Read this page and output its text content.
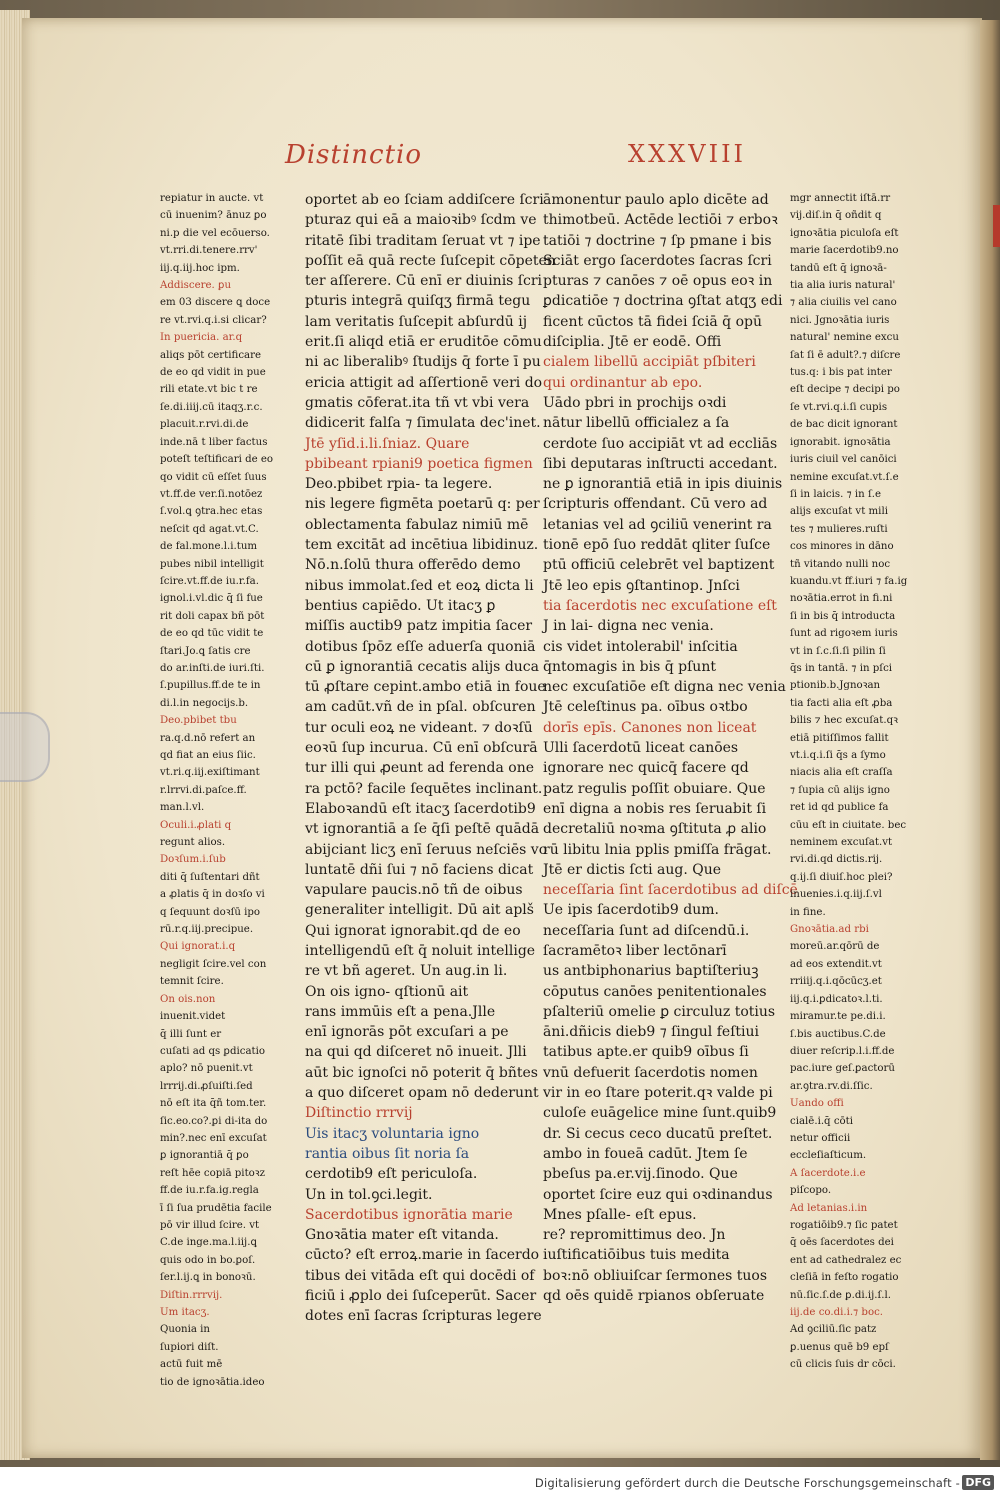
Distinctio	XXXVIII
repiatur in aucte. vt
cū inuenim? ānuz ꝑo
ni.p die vel ecōuerso.
vt.rri.di.tenere.rrv'
iij.q.iij.hoc ipm.
Addiscere. ꝑu
em 03 discere ꝗ doce
re vt.rvi.q.i.si clicar?
In puericia. ar.q
aliqs pōt certificare
de eo qd vidit in pue
rili etate.vt bic t re
ſe.di.iiij.cū itaqʒ.r.c.
placuit.r.rvi.di.de
inde.nā t liber factus
poteſt teſtificari de eo
qo vidit cū eſſet ſuus
vt.ff.de ver.ſi.notōez
ſ.vol.ꝗ ꝯtra.hec etas
neſcit qd agat.vt.C.
de fal.mone.l.i.tum
pubes nibil intelligit
ſcire.vt.ff.de iu.r.fa.
ignol.i.vl.dic q̄ ſi fue
rit doli capax bñ pōt
de eo qd tūc vidit te
ſtari.Jo.ꝗ ſatis cre
do ar.inſti.de iuri.ſti.
ſ.pupillus.ff.de te in
di.l.in negocijs.b.
Deo.pbibet tbu
ra.q.d.nō refert an
qd fiat an eius ſiic.
vt.ri.q.iij.exiſtimant
r.lrrvi.di.paſce.ff.
man.l.vl.
Oculi.i.ꝓlati q
regunt alios.
Doꝛſum.i.ſub
diti q̄ ſuſtentari dñt
a ꝓlatis q̄ in doꝛſo vi
q ſequunt doꝛſū ipo
rū.r.q.iij.precipue.
Qui ignorat.i.q
negligit ſcire.vel con
temnit ſcire.
On ois.non
inuenit.videt
q̄ illi ſunt er
cuſati ad qs ꝑdicatio
aplo? nō puenit.vt
lrrrij.di.ꝓſuiſti.ſed
nō eſt ita q̄ñ tom.ter.
ſic.eo.co?.ꝑi di-ita do
min?.nec enī excuſat
ꝑ ignorantiā q̄ ꝑo
reſt hēe copiā pitoꝛz
ff.de iu.r.fa.ig.regla
ī ſi ſua prudētia facile
pō vir illud ſcire. vt
C.de inge.ma.l.iij.ꝗ
quis odo in bo.ꝑoſ.
ſer.l.ij.ꝗ in bonoꝛū.
Diſtin.rrrvij.
Um itacʒ.
Quonia in
ſupiori diſt.
actū fuit mē
tio de ignoꝛātia.ideo
oportet ab eo ſciam addiſcere ſcri
pturaz qui eā a maioꝛibꝰ ſcdm ve
ritatē ſibi traditam ſeruat vt ⁊ ipe
poſſit eā quā recte ſuſcepit cōpeten
ter aſſerere. Cū enī er diuinis ſcri
pturis integrā quiſqʒ firmā tegu
lam veritatis ſuſcepit abſurdū ij
erit.ſi aliqd etiā er eruditōe cōmu
ni ac liberalibꝰ ſtudijs q̄ forte ī pu
ericia attigit ad aſſertionē veri do
gmatis cōferat.ita tñ vt vbi vera
didicerit falſa ⁊ ſimulata dec'inet.
Jtē yſid.i.li.ſniaz. Quare
pbibeant rpiani9 poetica figmen
Deo.pbibet rpia- ta legere.
nis legere figmēta poetarū q: per
oblectamenta fabulaz nimiū mē
tem excitāt ad incētiua libidinuz.
Nō.n.ſolū thura offerēdo demo
nibus immolat.ſed et eoꝝ dicta li
bentius capiēdo. Ut itacʒ ꝑ
miſſis auctib9 patz impitia ſacer
dotibus ſpōz eſſe aduerſa quoniā
cū ꝑ ignorantiā cecatis alijs duca
tū ꝓſtare cepint.ambo etiā in foue
am cadūt.vñ de in pſal. obſcuren
tur oculi eoꝝ ne videant. ⁊ doꝛſū
eoꝛū ſup incurua. Cū enī obſcurā
tur illi qui ꝓeunt ad ferenda one
ra pctō? facile ſequētes inclinant.
Elaboꝛandū eſt itacʒ ſacerdotib9
vt ignorantiā a ſe q̄ſi peſtē quādā
abijciant licʒ enī ſeruus neſciēs vo
luntatē dñi ſui ⁊ nō faciens dicat
vapulare paucis.nō tñ de oibus
generaliter intelligit. Dū ait aplš
Qui ignorat ignorabit.qd de eo
intelligendū eſt q̄ noluit intellige
re vt bñ ageret. Un aug.in li.
On ois igno- qſtionū ait
rans immūis eſt a pena.Jlle
enī ignorās pōt excuſari a pe
na qui qd diſceret nō inueit. Jlli
aūt bic ignoſci nō poterit q̄ bñtes
a quo diſceret opam nō dederunt
Diſtinctio rrrvij
Uis itacʒ voluntaria igno
rantia oibus ſit noria ſa
cerdotib9 eſt periculoſa.
Un in tol.ꝯci.legit.
Sacerdotibus ignorātia marie
Gnoꝛātia mater eſt vitanda.
cūcto? eſt erroꝝ.marie in ſacerdo
tibus dei vitāda eſt qui docēdi of
ficiū i ꝓplo dei ſuſceperūt. Sacer
dotes enī ſacras ſcripturas legere
āmonentur paulo aplo dicēte ad
thimotbeū. Actēde lectiōi ⁊ erboꝛ
tatiōi ⁊ doctrine ⁊ ſp pmane i bis
Sciāt ergo ſacerdotes ſacras ſcri
pturas ⁊ canōes ⁊ oē opus eoꝛ in
ꝑdicatiōe ⁊ doctrina ꝯſtat atqʒ edi
ficent cūctos tā fidei ſciā q̄ opū
diſciplia. Jtē er eodē. Offi
cialem libellū accipiāt pſbiteri
qui ordinantur ab epo.
Uādo pbri in prochijs oꝛdi
nātur libellū officialez a ſa
cerdote ſuo accipiāt vt ad eccliās
ſibi deputaras inſtructi accedant.
ne ꝑ ignorantiā etiā in ipis diuinis
ſcripturis offendant. Cū vero ad
letanias vel ad ꝯciliū venerint ra
tionē epō ſuo reddāt qliter ſuſce
ptū officiū celebrēt vel baptizent
Jtē leo epis ꝯſtantinop. Jnſci
tia ſacerdotis nec excuſatione eſt
J in lai- digna nec venia.
cis videt intolerabil' inſcitia
q̄ntomagis in bis q̄ pſunt
nec excuſatiōe eſt digna nec venia
Jtē celeſtinus pa. oībus oꝛtbo
dorīs epīs. Canones non liceat
Ulli ſacerdotū liceat canōes
ignorare nec quicq̄ facere qd
patz regulis poſſit obuiare. Que
enī digna a nobis res ſeruabit ſi
decretaliū noꝛma ꝯſtituta ꝓ alio
rū libitu lnia pplis pmiſſa frāgat.
Jtē er dictis ſcti aug. Que
neceſſaria ſint ſacerdotibus ad diſcē
Ue ipis ſacerdotib9 dum.
neceſſaria ſunt ad diſcendū.i.
ſacramētoꝛ liber lectōnarī
us antbiphonarius baptiſteriuꝫ
cōputus canōes penitentionales
pſalteriū omelie ꝑ circuluz totius
āni.dñicis dieb9 ⁊ ſingul feſtiui
tatibus apte.er quib9 oībus ſi
vnū defuerit ſacerdotis nomen
vir in eo ſtare poterit.qꝛ valde pi
culoſe euāgelice mine ſunt.quib9
dr. Si cecus ceco ducatū preſtet.
ambo in foueā cadūt. Jtem ſe
pbeſus pa.er.vij.ſinodo. Que
oportet ſcire euz qui oꝛdinandus
Mnes pſalle- eſt epus.
re? repromittimus deo. Jn
iuſtificatiōibus tuis medita
boꝛ:nō obliuiſcar ſermones tuos
qd oēs quidē rpianos obſeruate
mgr annectit iſtā.rr
vij.diſ.in q̄ oñdit q
ignoꝛātia piculoſa eſt
marie ſacerdotib9.no
tandū eſt q̄ ignoꝛā-
tia alia iuris natural'
⁊ alia ciuilis vel cano
nici. Jgnoꝛātia iuris
natural' nemine excu
ſat ſi ē adult?.⁊ diſcre
tus.q: i bis pat inter
eſt decipe ⁊ decipi po
ſe vt.rvi.q.i.ſi cupis
de bac dicit ignorant
ignorabit. ignoꝛātia
iuris ciuil vel canōici
nemine excuſat.vt.ſ.e
ſi in laicis. ⁊ in ſ.e
alijs excuſat vt mili
tes ⁊ mulieres.ruſti
cos minores in dāno
tñ vitando nulli noc
kuandu.vt ff.iuri ⁊ fa.ig
noꝛātia.errot in fi.ni
ſi in bis q̄ introducta
ſunt ad rigoꝛem iuris
vt in ſ.c.ſi.ſi pilin ſi
q̄s in tantā. ⁊ in pſci
ptionib.b.Jgnoꝛan
tia facti alia eſt ꝓba
bilis ⁊ hec excuſat.qꝛ
etiā pitiſſimos fallit
vt.i.q.i.ſi q̄s a ſymo
niacis alia eſt craſſa
⁊ ſupia cū alijs igno
ret id qd publice fa
cūu eſt in ciuitate. bec
neminem excuſat.vt
rvi.di.qd dictis.rij.
q.ij.ſi diuiſ.hoc plei?
inuenies.i.q.iij.ſ.vl
in fine.
Gnoꝛātia.ad rbi
moreū.ar.qōrū de
ad eos extendit.vt
rriiij.q.i.qōcūcʒ.et
iij.q.i.ꝑdicatoꝛ.l.ti.
miramur.te pe.di.i.
ſ.bis auctibus.C.de
diuer reſcrip.l.i.ff.de
pac.iure geſ.ꝑactorū
ar.ꝯtra.rv.di.ſſic.
Uando offi
cialē.i.q̄ cōti
netur officii
eccleſiaſticum.
A ſacerdote.i.e
piſcopo.
Ad letanias.i.in
rogatiōib9.⁊ ſic patet
q̄ oēs ſacerdotes dei
ent ad cathedralez ec
cleſiā in feſto rogatio
nū.ſic.ſ.de ꝑ.di.ij.ſ.l.
iij.de co.di.i.⁊ boc.
Ad ꝯciliū.ſic patz
ꝑ.uenus quē b9 epſ
cū clicis ſuis dr cōci.
Digitalisierung gefördert durch die Deutsche Forschungsgemeinschaft - DFG
